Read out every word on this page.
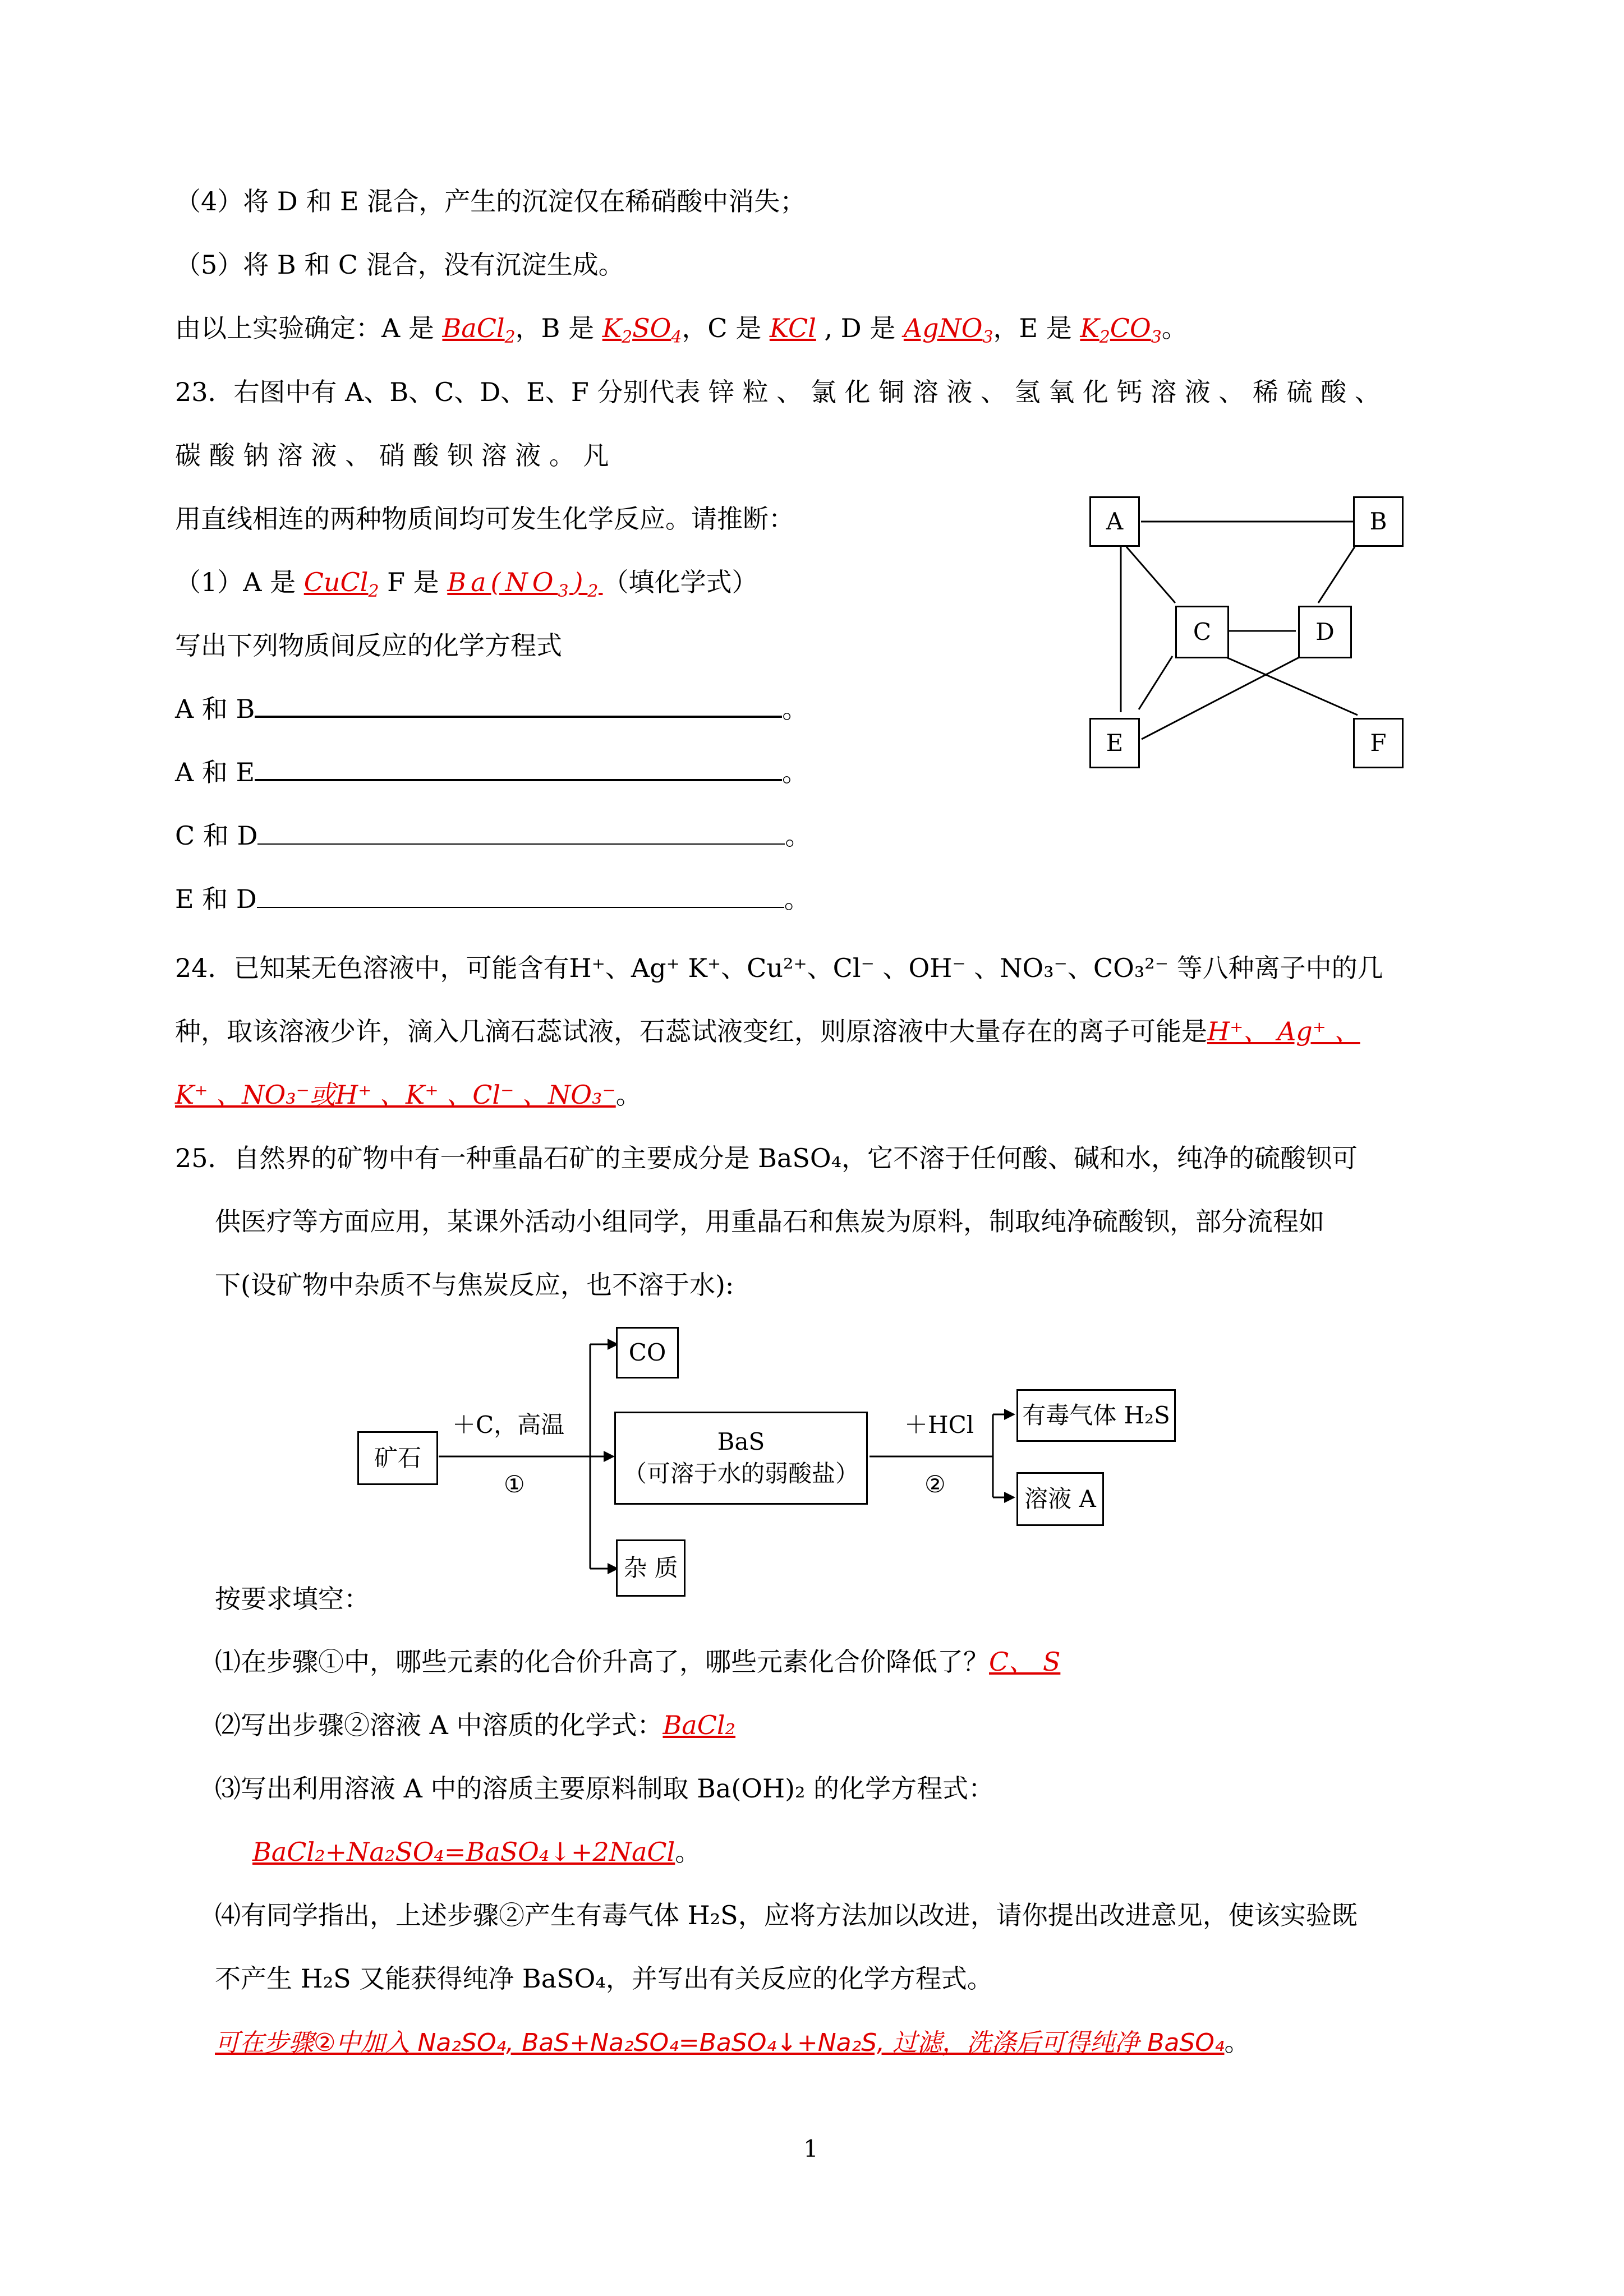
（4）将 D 和 E 混合，产生的沉淀仅在稀硝酸中消失；
（5）将 B 和 C 混合，没有沉淀生成。
由以上实验确定：A 是 BaCl$_2$，B 是 $K_2SO_4$，C 是 KCl , D 是 AgNO$_3$，E 是 $K_2CO_3$。
23．右图中有 A、B、C、D、E、F 分别代表 锌 粒 、 氯 化 铜 溶 液 、 氢 氧 化 钙 溶 液 、 稀 硫 酸 、
碳 酸 钠 溶 液 、 硝 酸 钡 溶 液 。 凡
用直线相连的两种物质间均可发生化学反应。请推断：
（1）A 是 CuCl$_2$ F 是 $Ba(NO_3)_2$（填化学式）
写出下列物质间反应的化学方程式
A 和 B	。
A 和 E	。
C 和 D	。
E 和 D	。
A	B
C	D
E	F
24．已知某无色溶液中，可能含有H⁺、Ag⁺ K⁺、Cu²⁺、Cl⁻ 、OH⁻ 、NO₃⁻、CO₃²⁻ 等八种离子中的几
种，取该溶液少许，滴入几滴石蕊试液，石蕊试液变红，则原溶液中大量存在的离子可能是H⁺、 Ag⁺ 、
K⁺ 、NO₃⁻或H⁺ 、K⁺ 、Cl⁻ 、NO₃⁻。
25．自然界的矿物中有一种重晶石矿的主要成分是 BaSO₄，它不溶于任何酸、碱和水，纯净的硫酸钡可
供医疗等方面应用，某课外活动小组同学，用重晶石和焦炭为原料，制取纯净硫酸钡，部分流程如
下(设矿物中杂质不与焦炭反应，也不溶于水):
矿石
＋C，高温
①
CO
BaS
（可溶于水的弱酸盐）
杂 质
＋HCl
②
有毒气体 H₂S
溶液 A
按要求填空：
⑴在步骤①中，哪些元素的化合价升高了，哪些元素化合价降低了？C、 S
⑵写出步骤②溶液 A 中溶质的化学式：BaCl₂
⑶写出利用溶液 A 中的溶质主要原料制取 Ba(OH)₂ 的化学方程式：
BaCl₂+Na₂SO₄=BaSO₄↓+2NaCl。
⑷有同学指出，上述步骤②产生有毒气体 H₂S，应将方法加以改进，请你提出改进意见，使该实验既
不产生 H₂S 又能获得纯净 BaSO₄，并写出有关反应的化学方程式。
可在步骤②中加入 Na₂SO₄, BaS+Na₂SO₄=BaSO₄↓+Na₂S, 过滤，洗涤后可得纯净 BaSO₄。
1
